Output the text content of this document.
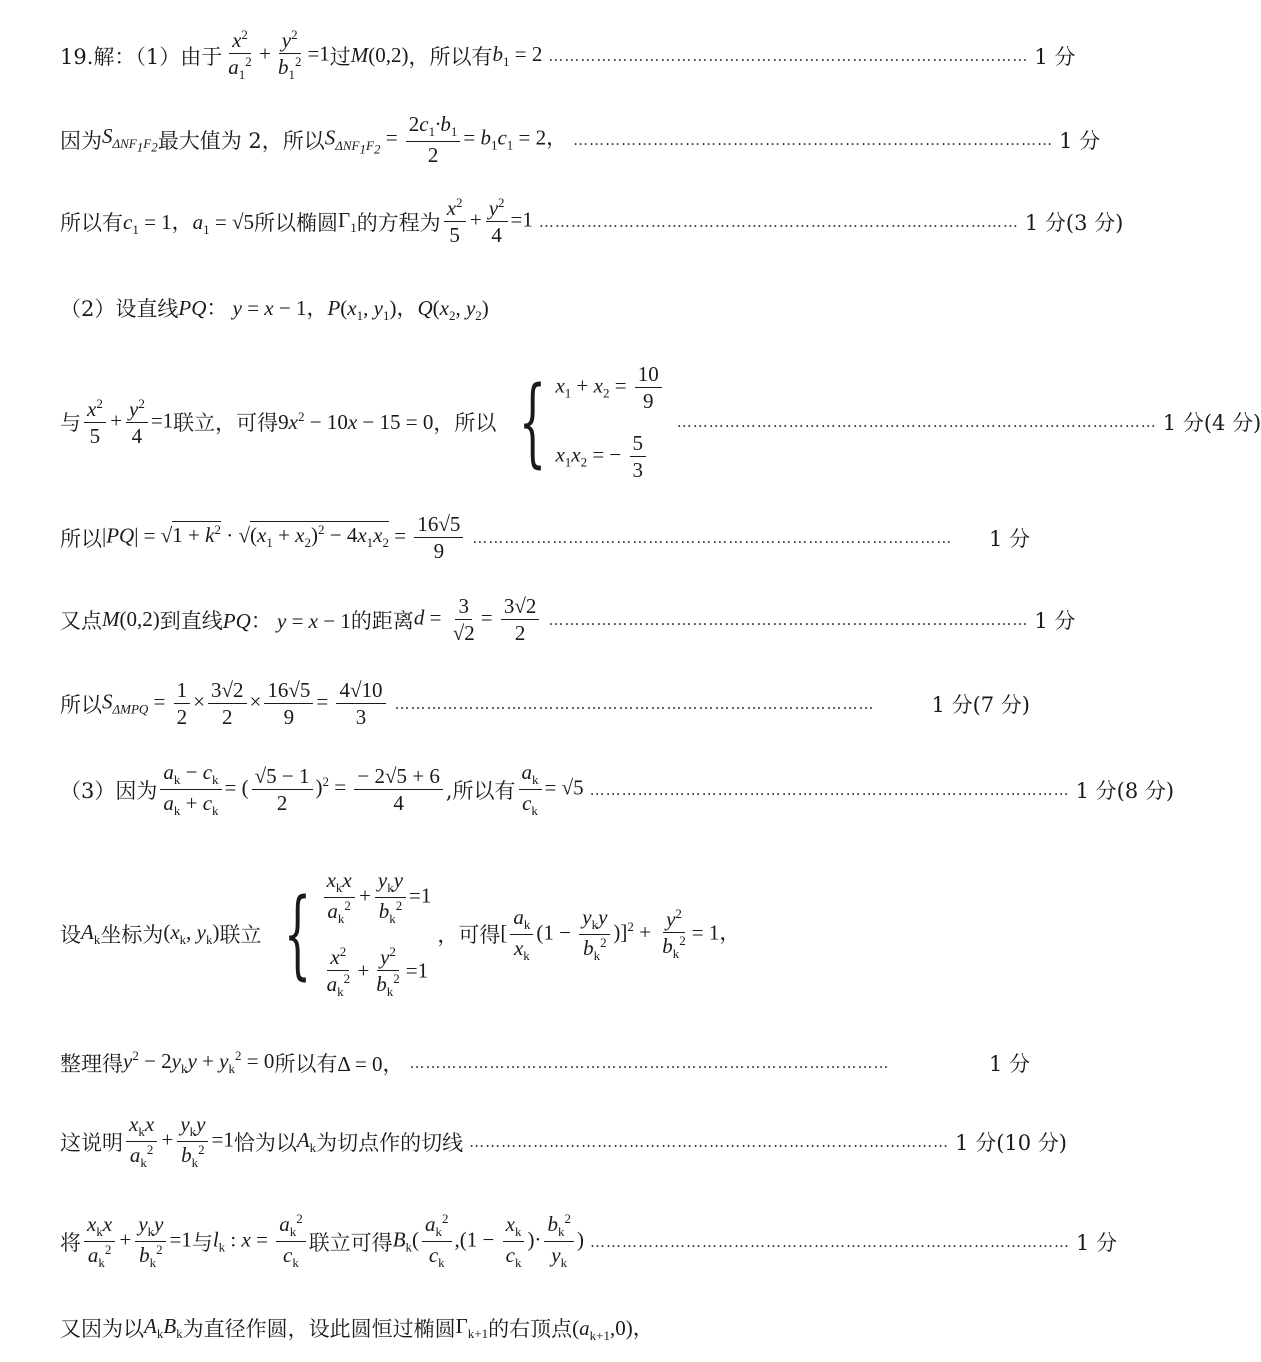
19.解：（1）由于 $\frac{x^2}{a_1^2} + \frac{y^2}{b_1^2} =1$ 过 M(0,2) ，所以有 $b_1 = 2$ ……………………………………………………………………………… 1 分
因为 $S_{\Delta NF_1F_2}$ 最大值为 2，所以 $S_{\Delta NF_1F_2} = \frac{2c_1\cdot b_1}{2} = b_1c_1 = 2$， ……………………………………………………………………………… 1 分
所以有 $c_1 = 1$，$a_1 = √5$ 所以椭圆 $\Gamma_1$ 的方程为 $\frac{x^2}{5} + \frac{y^2}{4} =1$ ……………………………………………………………………………… 1 分(3 分)
（2）设直线 PQ： y = x − 1，$P(x_1$, $y_1$)，$Q(x_2$, $y_2$)
与 $\frac{x^2}{5} + \frac{y^2}{4} =1$ 联立，可得 $9x^2 - 10x - 15 = 0$ ，所以 { $x_1 + x_2 = \frac{10}{9}$
$x_1x_2$ = − $\frac{5}{3}$
……………………………………………………………………………… 1 分(4 分)
所以 $|PQ| = √1 + k^2 \cdot √(x_1 + x_2)^2 - 4x_1x_2 = \frac{16√5}{9}$ ………………………………………………………………………………	1 分
又点 M(0,2) 到直线 PQ： y = x − 1 的距离 $d = \frac{3}{√2} = \frac{3√2}{2}$ ……………………………………………………………………………… 1 分
所以 $S_{\Delta MPQ} = \frac{1}{2} \times \frac{3√2}{2} \times \frac{16√5}{9} = \frac{4√10}{3}$ ………………………………………………………………………………	1 分(7 分)
（3）因为 $\frac{a_k - c_k}{a_k + c_k}$ = ( $\frac{√5 - 1}{2} )^2 = \frac{- 2√5 + 6}{4}$ ,所以有 $\frac{a_k}{c_k} = √5$ ……………………………………………………………………………… 1 分(8 分)
设 $A_k$ 坐标为 ($x_k$, $y_k$) 联立 { $\frac{x_kx}{a_k^2} + \frac{y_ky}{b_k^2} =1$
$\frac{x^2}{a_k^2} + \frac{y^2}{b_k^2} =1$
，可得 [ $\frac{a_k}{x_k} (1 - \frac{y_ky}{b_k^2} )]^2 + \frac{y^2}{b_k^2} = 1$，
整理得 $y^2 - 2y_ky + y_k^2 = 0$ 所以有 Δ = 0， ………………………………………………………………………………	1 分
这说明 $\frac{x_kx}{a_k^2} + \frac{y_ky}{b_k^2} =1$ 恰为以 $A_k$ 为切点作的切线 ……………………………………………………………………………… 1 分(10 分)
将 $\frac{x_kx}{a_k^2} + \frac{y_ky}{b_k^2} =1$ 与 $l_k$ : $x = \frac{a_k^2}{c_k}$ 联立可得 $B_k( \frac{a_k^2}{c_k} ,(1 - \frac{x_k}{c_k}$ )· $\frac{b_k^2}{y_k}$ ) ……………………………………………………………………………… 1 分
又因为以 $A_kB_k$ 为直径作圆，设此圆恒过椭圆 $\Gamma_{k+1}$ 的右顶点 $(a_{k+1},0)$，
